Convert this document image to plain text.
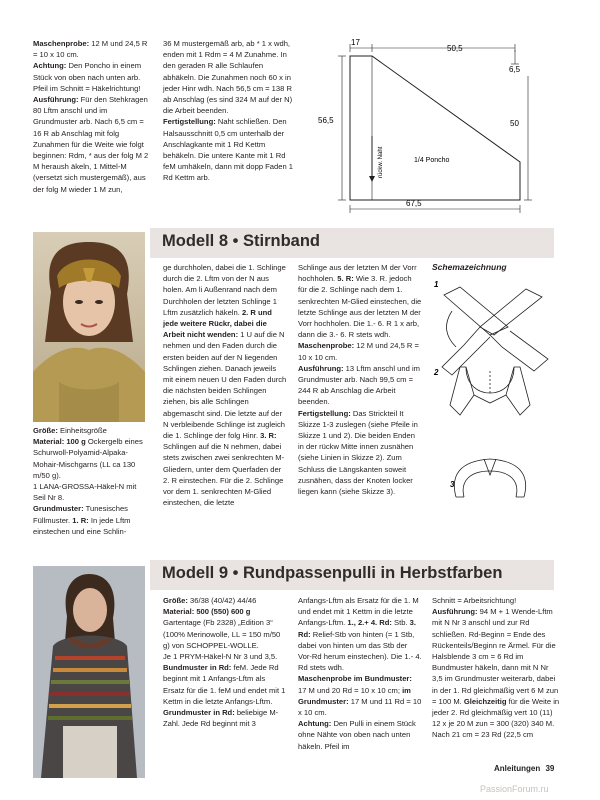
Maschenprobe: 12 M und 24,5 R = 10 x 10 cm.

Achtung: Den Poncho in einem Stück von oben nach unten arb. Pfeil im Schnitt = Häkelrichtung!

Ausführung: Für den Stehkragen 80 Lftm anschl und im Grundmuster arb. Nach 6,5 cm = 16 R ab Anschlag mit folg Zunahmen für die Weite wie folgt beginnen: Rdm, * aus der folg M 2 M heraush äkeln, 1 Mittel-M (versetzt sich mustergemäß), aus der folg M wieder 1 M zun,

36 M mustergemäß arb, ab * 1 x wdh, enden mit 1 Rdm = 4 M Zunahme. In den geraden R alle Schlaufen abhäkeln. Die Zunahmen noch 60 x in jeder Hinr wdh. Nach 56,5 cm = 138 R ab Anschlag (es sind 324 M auf der N) die Arbeit beenden.

Fertigstellung: Naht schließen. Den Halsausschnitt 0,5 cm unterhalb der Anschlagkante mit 1 Rd Kettm behäkeln. Die untere Kante mit 1 Rd feM umhäkeln, dann mit dopp Faden 1 Rd Kettm arb.

17
50,5
6,5
56,5	50
67,5
rückw. Naht	1/4 Poncho
Modell 8 • Stirnband

Größe: Einheitsgröße

Material: 100 g Ockergelb eines Schurwoll-Polyamid-Alpaka-Mohair-Mischgarns (LL ca 130 m/50 g).

1 LANA-GROSSA-Häkel-N mit Seil Nr 8.

Grundmuster: Tunesisches Füllmuster. 1. R: In jede Lftm einstechen und eine Schlin-

ge durchholen, dabei die 1. Schlinge durch die 2. Lftm von der N aus holen. Am li Außenrand nach dem Durchholen der letzten Schlinge 1 Lftm zusätzlich häkeln. 2. R und jede weitere Rückr, dabei die Arbeit nicht wenden: 1 U auf die N nehmen und den Faden durch die ersten beiden auf der N liegenden Schlingen ziehen. Danach jeweils mit einem neuen U den Faden durch die nächsten beiden Schlingen ziehen, bis alle Schlingen abgemascht sind. Die letzte auf der N verbleibende Schlinge ist zugleich die 1. Schlinge der folg Hinr. 3. R: Schlingen auf die N nehmen, dabei stets zwischen zwei senkrechten M-Gliedern, unter dem Querfaden der 2. R einstechen. Für die 2. Schlinge vor dem 1. senkrechten M-Glied einstechen, die letzte

Schlinge aus der letzten M der Vorr hochholen. 5. R: Wie 3. R. jedoch für die 2. Schlinge nach dem 1. senkrechten M-Glied einstechen, die letzte Schlinge aus der letzten M der Vorr hochholen. Die 1.- 6. R 1 x arb, dann die 3.- 6. R stets wdh.

Maschenprobe: 12 M und 24,5 R = 10 x 10 cm.

Ausführung: 13 Lftm anschl und im Grundmuster arb. Nach 99,5 cm = 244 R ab Anschlag die Arbeit beenden.

Fertigstellung: Das Strickteil It Skizze 1-3 zuslegen (siehe Pfeile in Skizze 1 und 2). Die beiden Enden in der rückw Mitte innen zusnähen (siehe Linien in Skizze 2). Zum Schluss die Längskanten soweit zusnähen, dass der Knoten locker liegen kann (siehe Skizze 3).

Schemazeichnung
1
2
3
Modell 9 • Rundpassenpulli in Herbstfarben

Größe: 36/38 (40/42) 44/46

Material: 500 (550) 600 g Gartentage (Fb 2328) „Edition 3“ (100% Merinowolle, LL = 150 m/50 g) von SCHOPPEL-WOLLE.

Je 1 PRYM-Häkel-N Nr 3 und 3,5.

Bundmuster in Rd: feM. Jede Rd beginnt mit 1 Anfangs-Lftm als Ersatz für die 1. feM und endet mit 1 Kettm in die letzte Anfangs-Lftm.

Grundmuster in Rd: beliebige M-Zahl. Jede Rd beginnt mit 3

Anfangs-Lftm als Ersatz für die 1. M und endet mit 1 Kettm in die letzte Anfangs-Lftm. 1., 2.+ 4. Rd: Stb. 3. Rd: Relief-Stb von hinten (= 1 Stb, dabei von hinten um das Stb der Vor-Rd herum einstechen). Die 1.- 4. Rd stets wdh.

Maschenprobe im Bundmuster: 17 M und 20 Rd = 10 x 10 cm; im Grundmuster: 17 M und 11 Rd = 10 x 10 cm.

Achtung: Den Pulli in einem Stück ohne Nähte von oben nach unten häkeln. Pfeil im

Schnitt = Arbeitsrichtung!

Ausführung: 94 M + 1 Wende-Lftm mit N Nr 3 anschl und zur Rd schließen. Rd-Beginn = Ende des Rückenteils/Beginn re Ärmel. Für die Halsblende 3 cm = 6 Rd im Bundmuster häkeln, dann mit N Nr 3,5 im Grundmuster weiterarb, dabei in der 1. Rd gleichmäßig vert 6 M zun = 100 M. Gleichzeitig für die Weite in jeder 2. Rd gleichmäßig vert 10 (11) 12 x je 20 M zun = 300 (320) 340 M. Nach 21 cm = 23 Rd (22,5 cm

Anleitungen 39
PassionForum.ru
